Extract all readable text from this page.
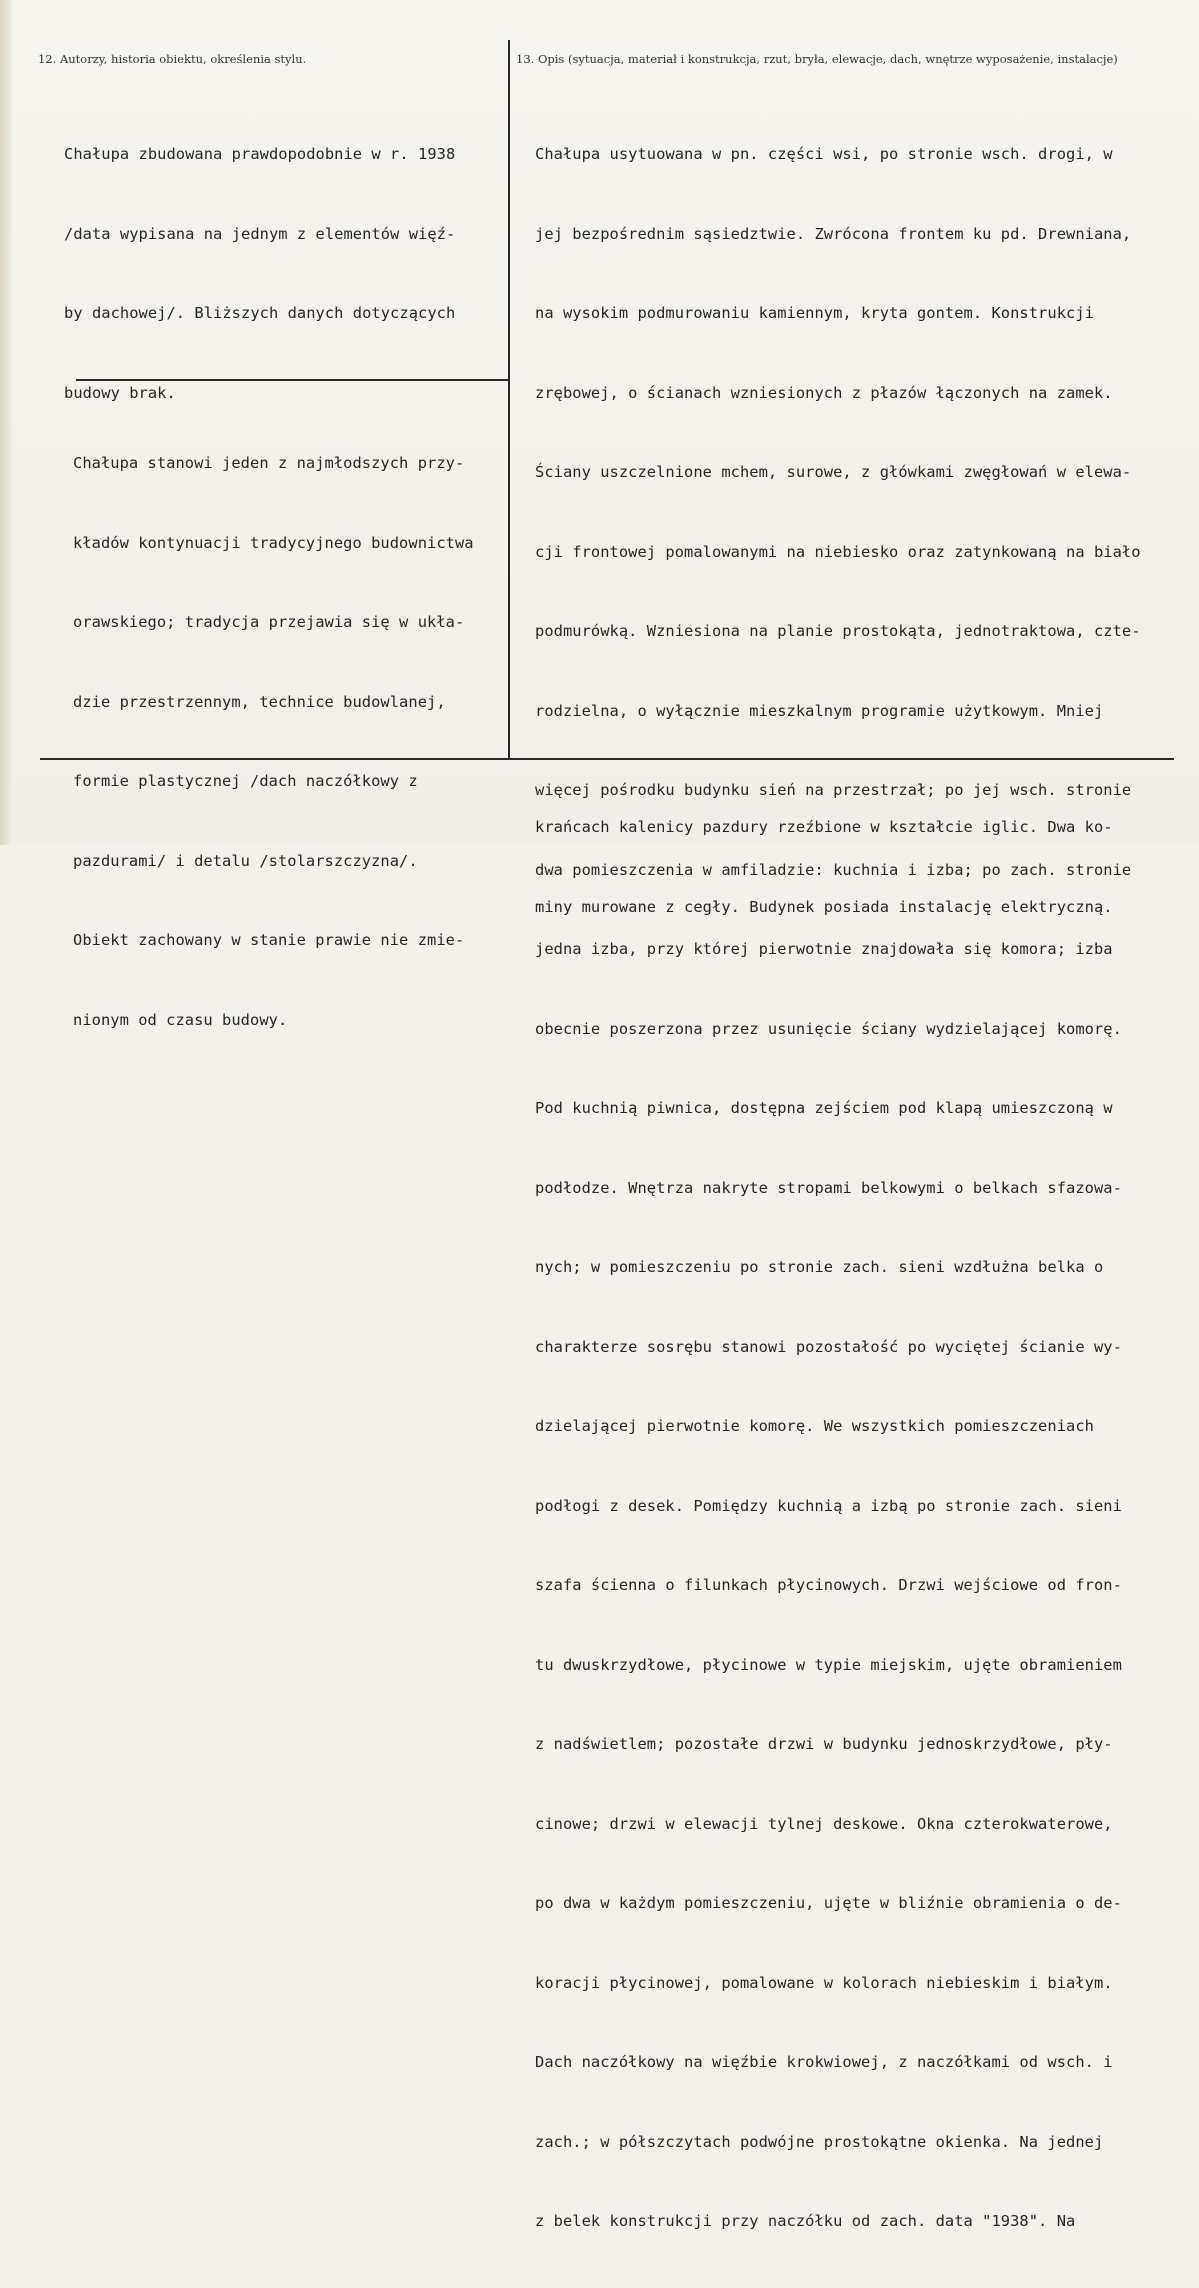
12. Autorzy, historia obiektu, określenia stylu.	13. Opis (sytuacja, materiał i konstrukcja, rzut, bryła, elewacje, dach, wnętrze wyposażenie, instalacje)

Chałupa zbudowana prawdopodobnie w r. 1938

/data wypisana na jednym z elementów więź-

by dachowej/. Bliższych danych dotyczących

budowy brak.

Chałupa stanowi jeden z najmłodszych przy-

kładów kontynuacji tradycyjnego budownictwa

orawskiego; tradycja przejawia się w ukła-

dzie przestrzennym, technice budowlanej,

formie plastycznej /dach naczółkowy z

pazdurami/ i detalu /stolarszczyzna/.

Obiekt zachowany w stanie prawie nie zmie-

nionym od czasu budowy.

Chałupa usytuowana w pn. części wsi, po stronie wsch. drogi, w

jej bezpośrednim sąsiedztwie. Zwrócona frontem ku pd. Drewniana,

na wysokim podmurowaniu kamiennym, kryta gontem. Konstrukcji

zrębowej, o ścianach wzniesionych z płazów łączonych na zamek.

Ściany uszczelnione mchem, surowe, z główkami zwęgłowań w elewa-

cji frontowej pomalowanymi na niebiesko oraz zatynkowaną na biało

podmurówką. Wzniesiona na planie prostokąta, jednotraktowa, czte-

rodzielna, o wyłącznie mieszkalnym programie użytkowym. Mniej

więcej pośrodku budynku sień na przestrzał; po jej wsch. stronie

dwa pomieszczenia w amfiladzie: kuchnia i izba; po zach. stronie

jedna izba, przy której pierwotnie znajdowała się komora; izba

obecnie poszerzona przez usunięcie ściany wydzielającej komorę.

Pod kuchnią piwnica, dostępna zejściem pod klapą umieszczoną w

podłodze. Wnętrza nakryte stropami belkowymi o belkach sfazowa-

nych; w pomieszczeniu po stronie zach. sieni wzdłużna belka o

charakterze sosrębu stanowi pozostałość po wyciętej ścianie wy-

dzielającej pierwotnie komorę. We wszystkich pomieszczeniach

podłogi z desek. Pomiędzy kuchnią a izbą po stronie zach. sieni

szafa ścienna o filunkach płycinowych. Drzwi wejściowe od fron-

tu dwuskrzydłowe, płycinowe w typie miejskim, ujęte obramieniem

z nadświetlem; pozostałe drzwi w budynku jednoskrzydłowe, pły-

cinowe; drzwi w elewacji tylnej deskowe. Okna czterokwaterowe,

po dwa w każdym pomieszczeniu, ujęte w bliźnie obramienia o de-

koracji płycinowej, pomalowane w kolorach niebieskim i białym.

Dach naczółkowy na więźbie krokwiowej, z naczółkami od wsch. i

zach.; w półszczytach podwójne prostokątne okienka. Na jednej

z belek konstrukcji przy naczółku od zach. data "1938". Na

krańcach kalenicy pazdury rzeźbione w kształcie iglic. Dwa ko-

miny murowane z cegły. Budynek posiada instalację elektryczną.
